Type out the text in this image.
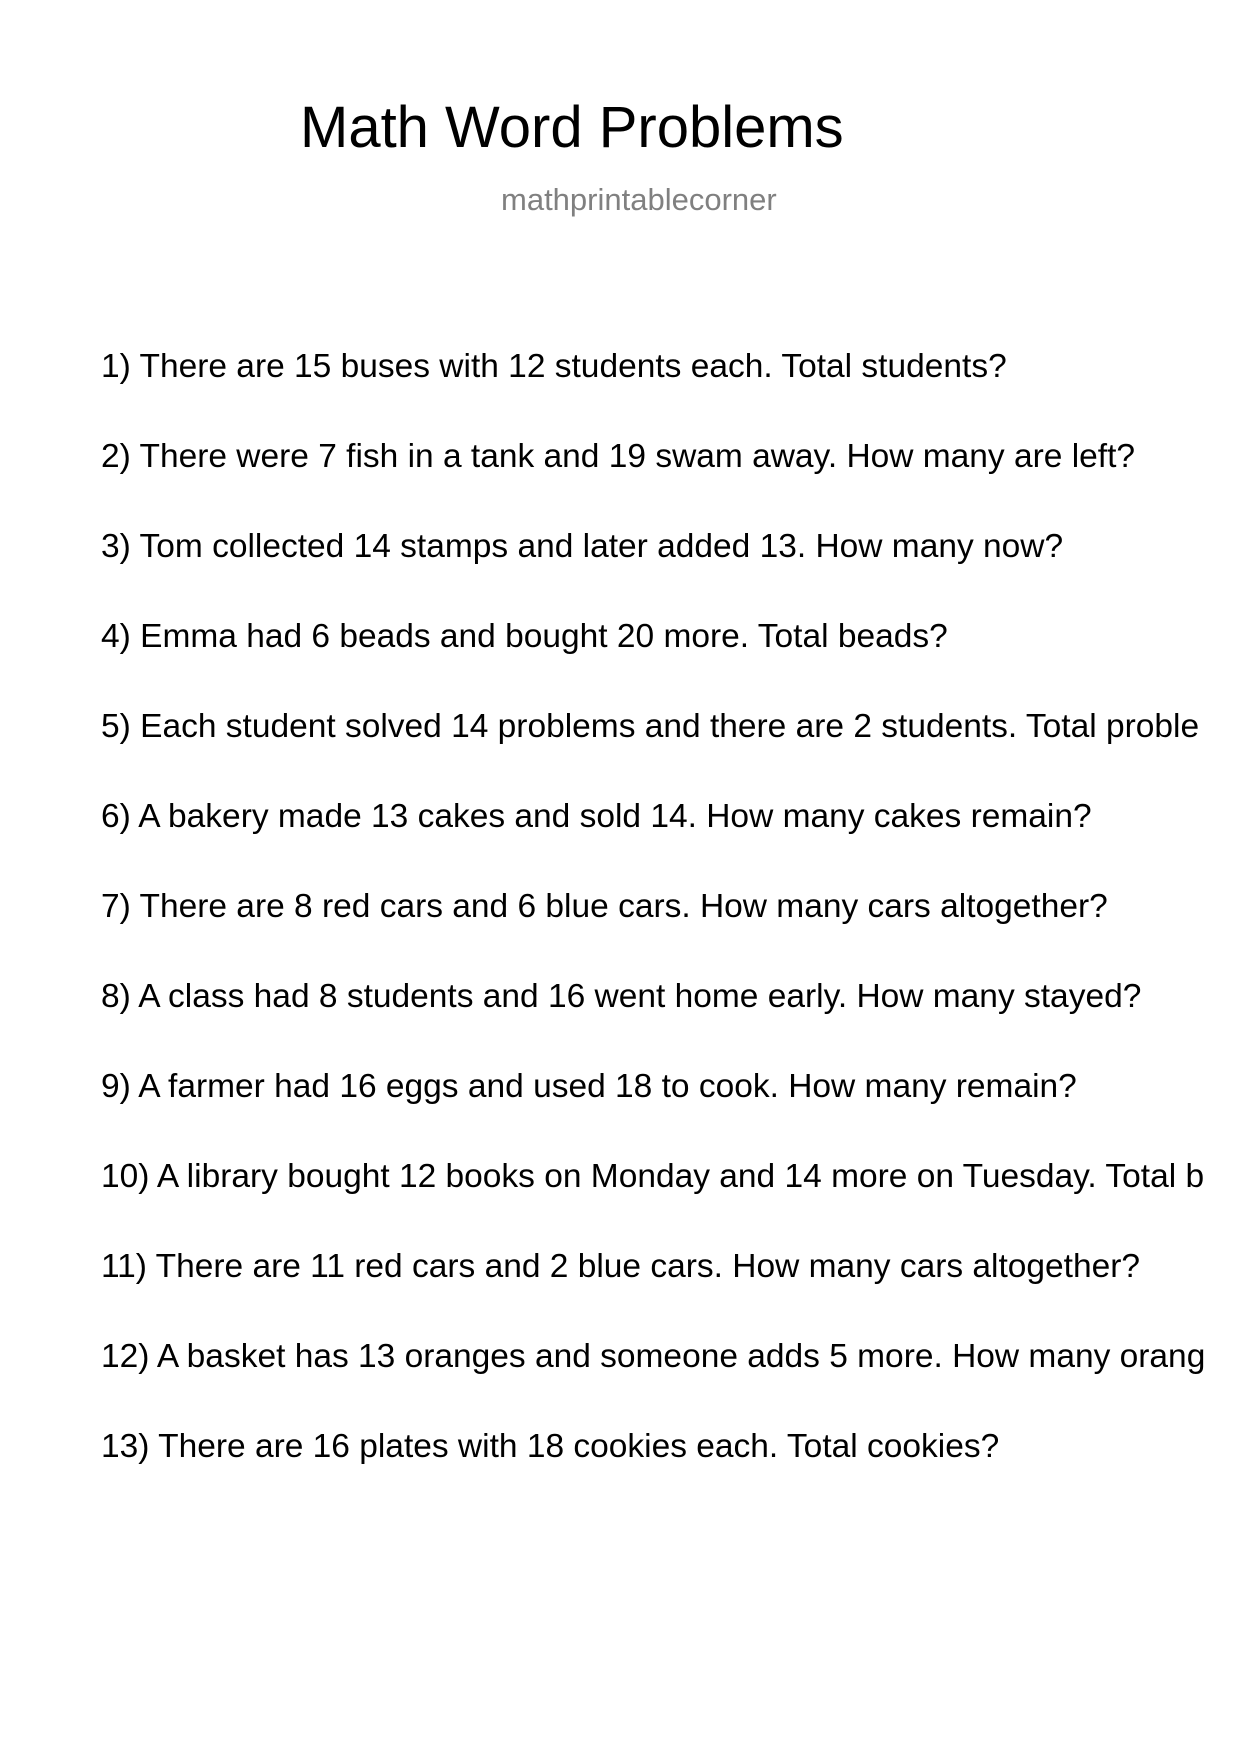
Math Word Problems
mathprintablecorner
1) There are 15 buses with 12 students each. Total students?
2) There were 7 fish in a tank and 19 swam away. How many are left?
3) Tom collected 14 stamps and later added 13. How many now?
4) Emma had 6 beads and bought 20 more. Total beads?
5) Each student solved 14 problems and there are 2 students. Total proble
6) A bakery made 13 cakes and sold 14. How many cakes remain?
7) There are 8 red cars and 6 blue cars. How many cars altogether?
8) A class had 8 students and 16 went home early. How many stayed?
9) A farmer had 16 eggs and used 18 to cook. How many remain?
10) A library bought 12 books on Monday and 14 more on Tuesday. Total b
11) There are 11 red cars and 2 blue cars. How many cars altogether?
12) A basket has 13 oranges and someone adds 5 more. How many orang
13) There are 16 plates with 18 cookies each. Total cookies?
